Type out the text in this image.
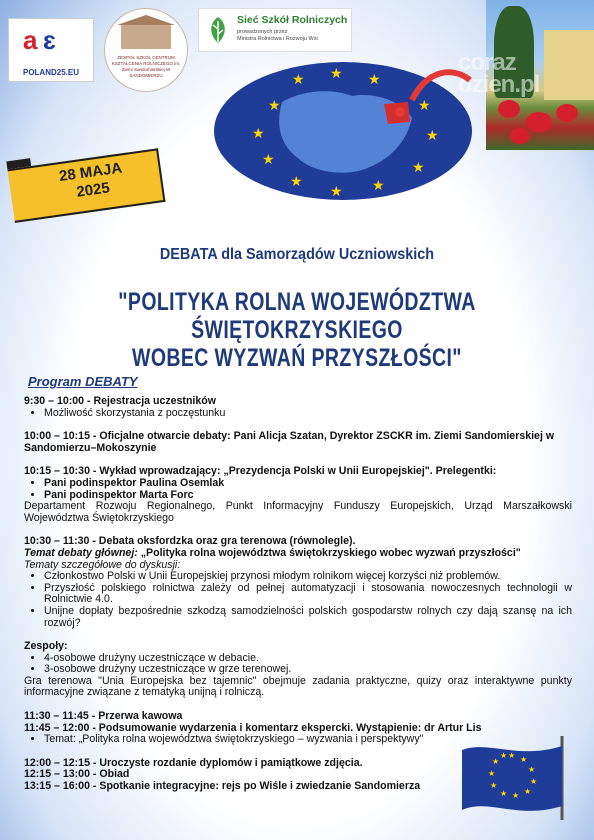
a ɛ
POLAND25.EU
ZESPÓŁ SZKÓŁ CENTRUM KSZTAŁCENIA ROLNICZEGO im. Ziemi Sandomierskiej W SANDOMIERZU
Sieć Szkół Rolniczych
prowadzonych przez
Ministra Rolnictwa i Rozwoju Wsi
coraz
dzien.pl
★
★ ★ ★
★
★
★
★
★
★
★
★
28 MAJA
2025
DEBATA dla Samorządów Uczniowskich
"POLITYKA ROLNA WOJEWÓDZTWA ŚWIĘTOKRZYSKIEGO
WOBEC WYZWAŃ PRZYSZŁOŚCI"
Program DEBATY
9:30 – 10:00 - Rejestracja uczestników
• Możliwość skorzystania z poczęstunku
10:00 – 10:15 - Oficjalne otwarcie debaty: Pani Alicja Szatan, Dyrektor ZSCKR im. Ziemi Sandomierskiej w Sandomierzu–Mokoszynie
10:15 – 10:30 - Wykład wprowadzający: „Prezydencja Polski w Unii Europejskiej". Prelegentki:
• Pani podinspektor Paulina Osemlak
• Pani podinspektor Marta Forc
Departament Rozwoju Regionalnego, Punkt Informacyjny Funduszy Europejskich, Urząd Marszałkowski Województwa Świętokrzyskiego
10:30 – 11:30 - Debata oksfordzka oraz gra terenowa (równolegle).
Temat debaty głównej: „Polityka rolna województwa świętokrzyskiego wobec wyzwań przyszłości"
Tematy szczegółowe do dyskusji:
• Członkostwo Polski w Unii Europejskiej przynosi młodym rolnikom więcej korzyści niż problemów.
• Przyszłość polskiego rolnictwa zależy od pełnej automatyzacji i stosowania nowoczesnych technologii w Rolnictwie 4.0.
• Unijne dopłaty bezpośrednie szkodzą samodzielności polskich gospodarstw rolnych czy dają szansę na ich rozwój?
Zespoły:
• 4-osobowe drużyny uczestniczące w debacie.
• 3-osobowe drużyny uczestniczące w grze terenowej.
Gra terenowa "Unia Europejska bez tajemnic" obejmuje zadania praktyczne, quizy oraz interaktywne punkty informacyjne związane z tematyką unijną i rolniczą.
11:30 – 11:45 - Przerwa kawowa
11:45 – 12:00 - Podsumowanie wydarzenia i komentarz ekspercki. Wystąpienie: dr Artur Lis
• Temat: „Polityka rolna województwa świętokrzyskiego – wyzwania i perspektywy"
12:00 – 12:15 - Uroczyste rozdanie dyplomów i pamiątkowe zdjęcia.
12:15 – 13:00 - Obiad
13:15 – 16:00 - Spotkanie integracyjne: rejs po Wiśle i zwiedzanie Sandomierza
★ ★
★
★
★
★
★
★
★
★
★
